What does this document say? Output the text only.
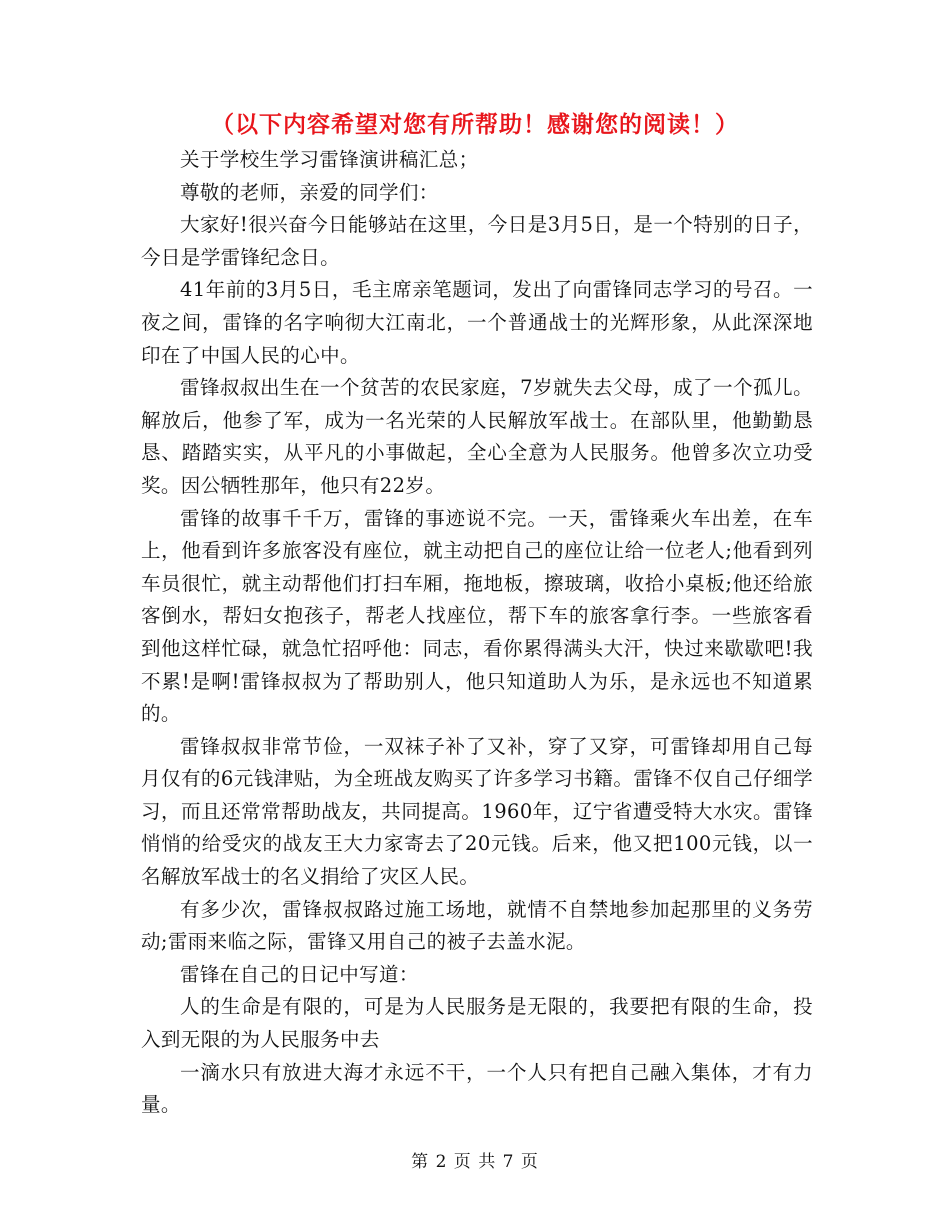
（以下内容希望对您有所帮助！感谢您的阅读！）

关于学校生学习雷锋演讲稿汇总；

尊敬的老师，亲爱的同学们：

大家好!很兴奋今日能够站在这里，今日是3月5日，是一个特别的日子，今日是学雷锋纪念日。

41年前的3月5日，毛主席亲笔题词，发出了向雷锋同志学习的号召。一夜之间，雷锋的名字响彻大江南北，一个普通战士的光辉形象，从此深深地印在了中国人民的心中。

雷锋叔叔出生在一个贫苦的农民家庭，7岁就失去父母，成了一个孤儿。解放后，他参了军，成为一名光荣的人民解放军战士。在部队里，他勤勤恳恳、踏踏实实，从平凡的小事做起，全心全意为人民服务。他曾多次立功受奖。因公牺牲那年，他只有22岁。

雷锋的故事千千万，雷锋的事迹说不完。一天，雷锋乘火车出差，在车上，他看到许多旅客没有座位，就主动把自己的座位让给一位老人;他看到列车员很忙，就主动帮他们打扫车厢，拖地板，擦玻璃，收拾小桌板;他还给旅客倒水，帮妇女抱孩子，帮老人找座位，帮下车的旅客拿行李。一些旅客看到他这样忙碌，就急忙招呼他：同志，看你累得满头大汗，快过来歇歇吧!我不累!是啊!雷锋叔叔为了帮助别人，他只知道助人为乐，是永远也不知道累的。

雷锋叔叔非常节俭，一双袜子补了又补，穿了又穿，可雷锋却用自己每月仅有的6元钱津贴，为全班战友购买了许多学习书籍。雷锋不仅自己仔细学习，而且还常常帮助战友，共同提高。1960年，辽宁省遭受特大水灾。雷锋悄悄的给受灾的战友王大力家寄去了20元钱。后来，他又把100元钱，以一名解放军战士的名义捐给了灾区人民。

有多少次，雷锋叔叔路过施工场地，就情不自禁地参加起那里的义务劳动;雷雨来临之际，雷锋又用自己的被子去盖水泥。

雷锋在自己的日记中写道：

人的生命是有限的，可是为人民服务是无限的，我要把有限的生命，投入到无限的为人民服务中去

一滴水只有放进大海才永远不干，一个人只有把自己融入集体，才有力量。

第 2 页 共 7 页
